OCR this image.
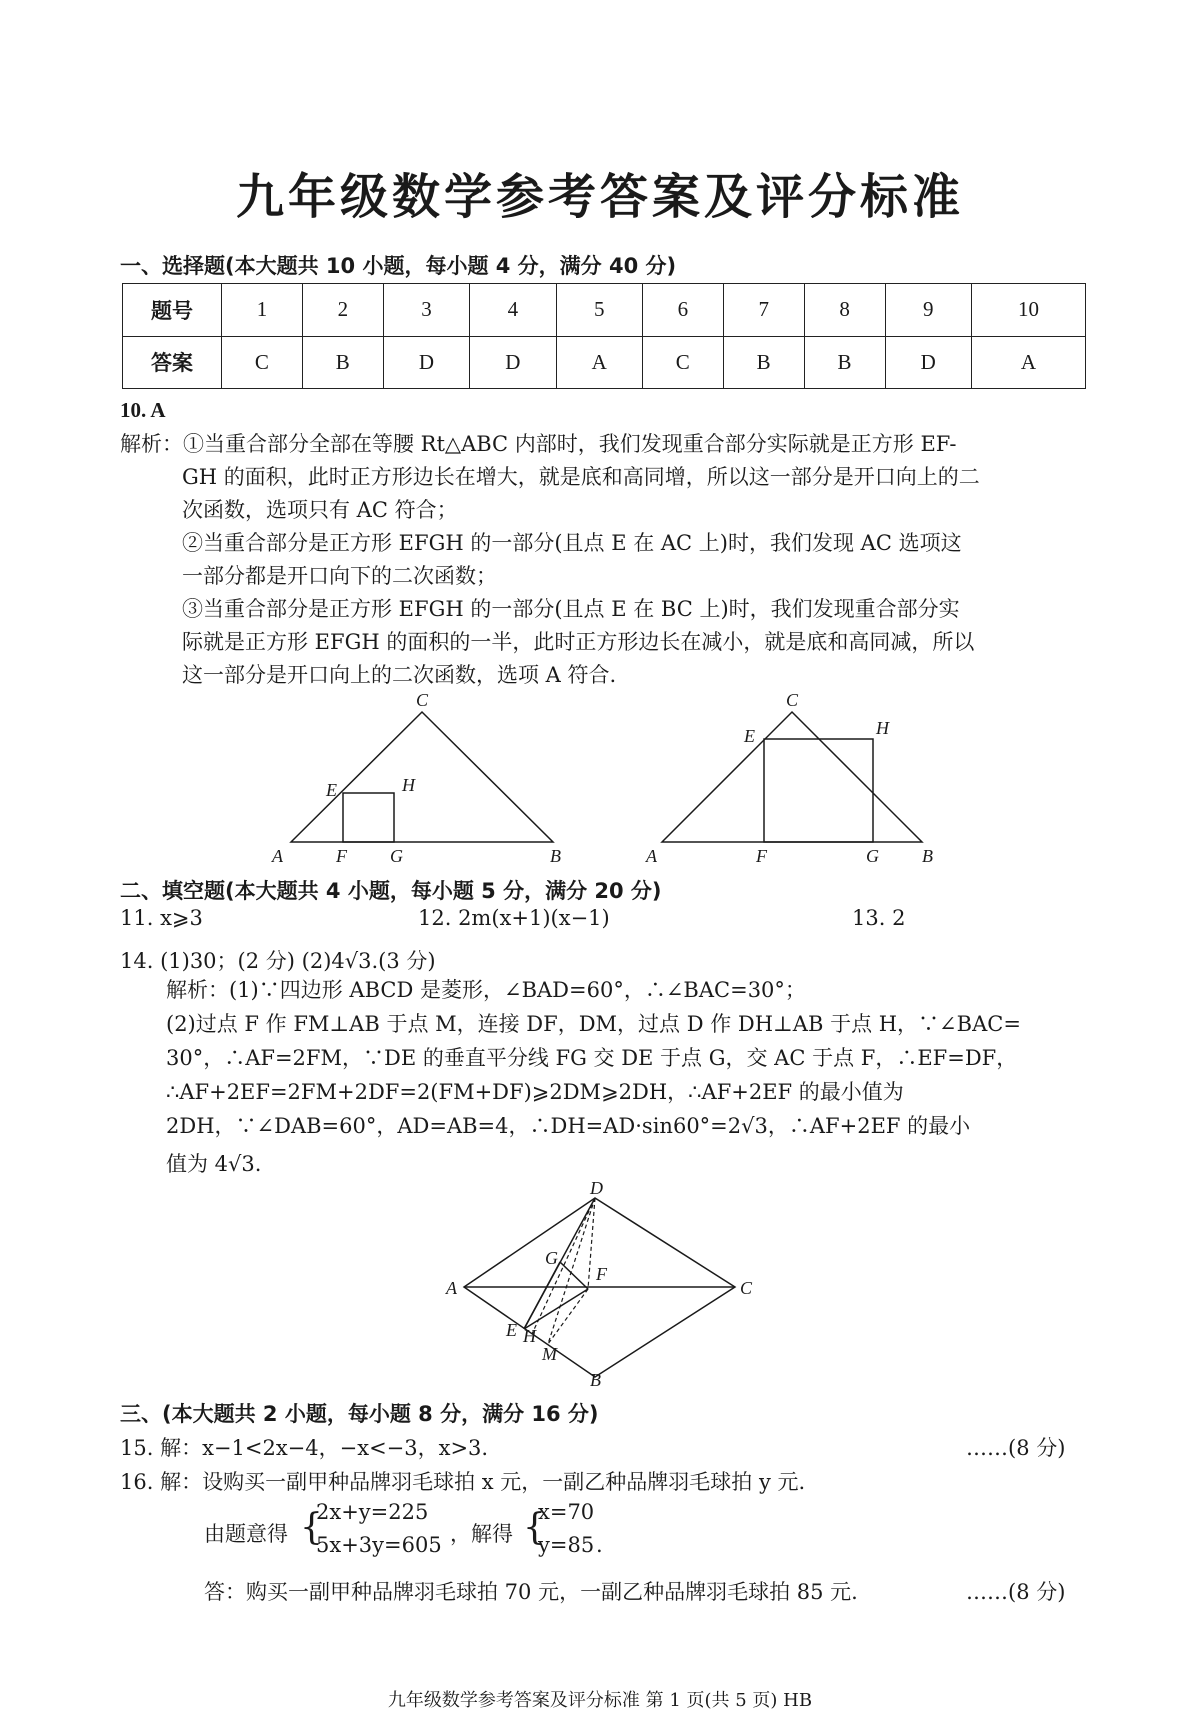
九年级数学参考答案及评分标准
一、选择题(本大题共 10 小题，每小题 4 分，满分 40 分)
题号	1	2	3	4	5	6	7	8	9	10
答案	C	B	D	D	A	C	B	B	D	A
10. A
解析：①当重合部分全部在等腰 Rt△ABC 内部时，我们发现重合部分实际就是正方形 EF-
GH 的面积，此时正方形边长在增大，就是底和高同增，所以这一部分是开口向上的二
次函数，选项只有 AC 符合；
②当重合部分是正方形 EFGH 的一部分(且点 E 在 AC 上)时，我们发现 AC 选项这
一部分都是开口向下的二次函数；
③当重合部分是正方形 EFGH 的一部分(且点 E 在 BC 上)时，我们发现重合部分实
际就是正方形 EFGH 的面积的一半，此时正方形边长在减小，就是底和高同减，所以
这一部分是开口向上的二次函数，选项 A 符合.
C
E	H
A	F G	B
C
E	H
A	F	G B
二、填空题(本大题共 4 小题，每小题 5 分，满分 20 分)
11. x⩾3	12. 2m(x+1)(x−1)	13. 2
14. (1)30；(2 分) (2)4√3.(3 分)
解析：(1)∵四边形 ABCD 是菱形，∠BAD=60°，∴∠BAC=30°；
(2)过点 F 作 FM⊥AB 于点 M，连接 DF，DM，过点 D 作 DH⊥AB 于点 H，∵∠BAC=
30°，∴AF=2FM，∵DE 的垂直平分线 FG 交 DE 于点 G，交 AC 于点 F，∴EF=DF，
∴AF+2EF=2FM+2DF=2(FM+DF)⩾2DM⩾2DH，∴AF+2EF 的最小值为
2DH，∵∠DAB=60°，AD=AB=4，∴DH=AD·sin60°=2√3，∴AF+2EF 的最小
值为 4√3.
D
G
F
A	C
E H
M
B
三、(本大题共 2 小题，每小题 8 分，满分 16 分)
15. 解：x−1<2x−4，−x<−3，x>3.	……(8 分)
16. 解：设购买一副甲种品牌羽毛球拍 x 元，一副乙种品牌羽毛球拍 y 元.
由题意得 {
2x+y=225
5x+3y=605 ，解得 {
x=70
y=85 .
答：购买一副甲种品牌羽毛球拍 70 元，一副乙种品牌羽毛球拍 85 元.	……(8 分)
九年级数学参考答案及评分标准 第 1 页(共 5 页) HB
